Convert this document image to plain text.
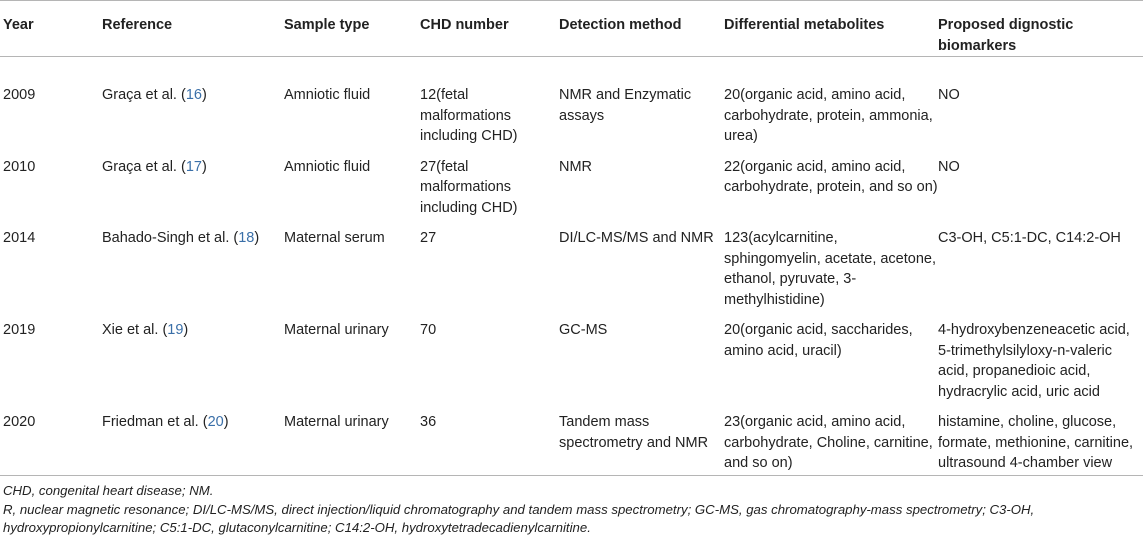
Year	Reference	Sample type	CHD number	Detection method	Differential metabolites	Proposed dignostic biomarkers
2009	Graça et al. (16)	Amniotic fluid	12(fetal malformations including CHD)	NMR and Enzymatic assays	20(organic acid, amino acid, carbohydrate, protein, ammonia, urea)	NO
2010	Graça et al. (17)	Amniotic fluid	27(fetal malformations including CHD)	NMR	22(organic acid, amino acid, carbohydrate, protein, and so on)	NO
2014	Bahado-Singh et al. (18)	Maternal serum	27	DI/LC-MS/MS and NMR	123(acylcarnitine, sphingomyelin, acetate, acetone, ethanol, pyruvate, 3-methylhistidine)	C3-OH, C5:1-DC, C14:2-OH
2019	Xie et al. (19)	Maternal urinary	70	GC-MS	20(organic acid, saccharides, amino acid, uracil)	4-hydroxybenzeneacetic acid, 5-trimethylsilyloxy-n-valeric acid, propanedioic acid, hydracrylic acid, uric acid
2020	Friedman et al. (20)	Maternal urinary	36	Tandem mass spectrometry and NMR	23(organic acid, amino acid, carbohydrate, Choline, carnitine, and so on)	histamine, choline, glucose, formate, methionine, carnitine, ultrasound 4-chamber view
CHD, congenital heart disease; NM.
R, nuclear magnetic resonance; DI/LC-MS/MS, direct injection/liquid chromatography and tandem mass spectrometry; GC-MS, gas chromatography-mass spectrometry; C3-OH, hydroxypropionylcarnitine; C5:1-DC, glutaconylcarnitine; C14:2-OH, hydroxytetradecadienylcarnitine.
